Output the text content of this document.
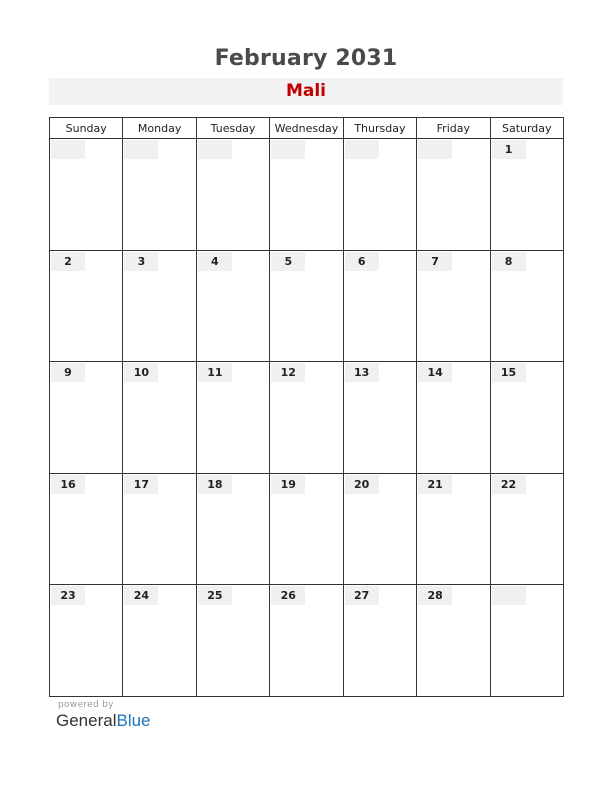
February 2031
Mali
Sunday	Monday	Tuesday	Wednesday	Thursday	Friday	Saturday

						1

2	3	4	5	6	7	8

9	10	11	12	13	14	15

16	17	18	19	20	21	22

23	24	25	26	27	28	

powered by
GeneralBlue
